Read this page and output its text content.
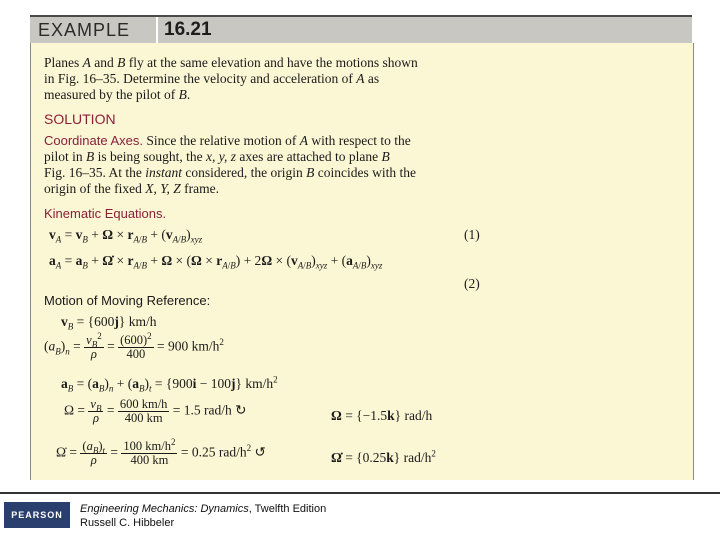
EXAMPLE 16.21

Planes A and B fly at the same elevation and have the motions shown

in Fig. 16–35. Determine the velocity and acceleration of A as

measured by the pilot of B.

SOLUTION

Coordinate Axes. Since the relative motion of A with respect to the

pilot in B is being sought, the x, y, z axes are attached to plane B

Fig. 16–35. At the instant considered, the origin B coincides with the

origin of the fixed X, Y, Z frame.

Kinematic Equations.

$v_A = v_B + \Omega \times r_{A/B} + (v_{A/B})_{xyz}$	(1)
$a_A = a_B$ + Ω̇ × $r_{A/B} + \Omega \times (\Omega \times r_{A/B}) + 2\Omega \times (v_{A/B})_{xyz} + (a_{A/B})_{xyz}$
(2)

Motion of Moving Reference:

$v_B = \{600j\}$ km/h
$(a_B)_n = \frac{v_B^2}{\rho} = \frac{(600)^2}{400} = 900$ $km/h^2$
$a_B = (a_B)_n + (a_B)_t = \{900i - 100j\}$ $km/h^2$
$\Omega = \frac{v_B}{\rho} = \frac{600 km/h}{400 km} = 1.5$ rad/h ↻	Ω = {−1.5k} rad/h
Ω̇ = $\frac{(a_B)_t}{\rho} = \frac{100 km/h^2}{400 km} = 0.25$ rad/$h^2$ ↺	Ω̇ = {0.25k} rad/$h^2$
PEARSON Engineering Mechanics: Dynamics, Twelfth Edition
Russell C. Hibbeler
